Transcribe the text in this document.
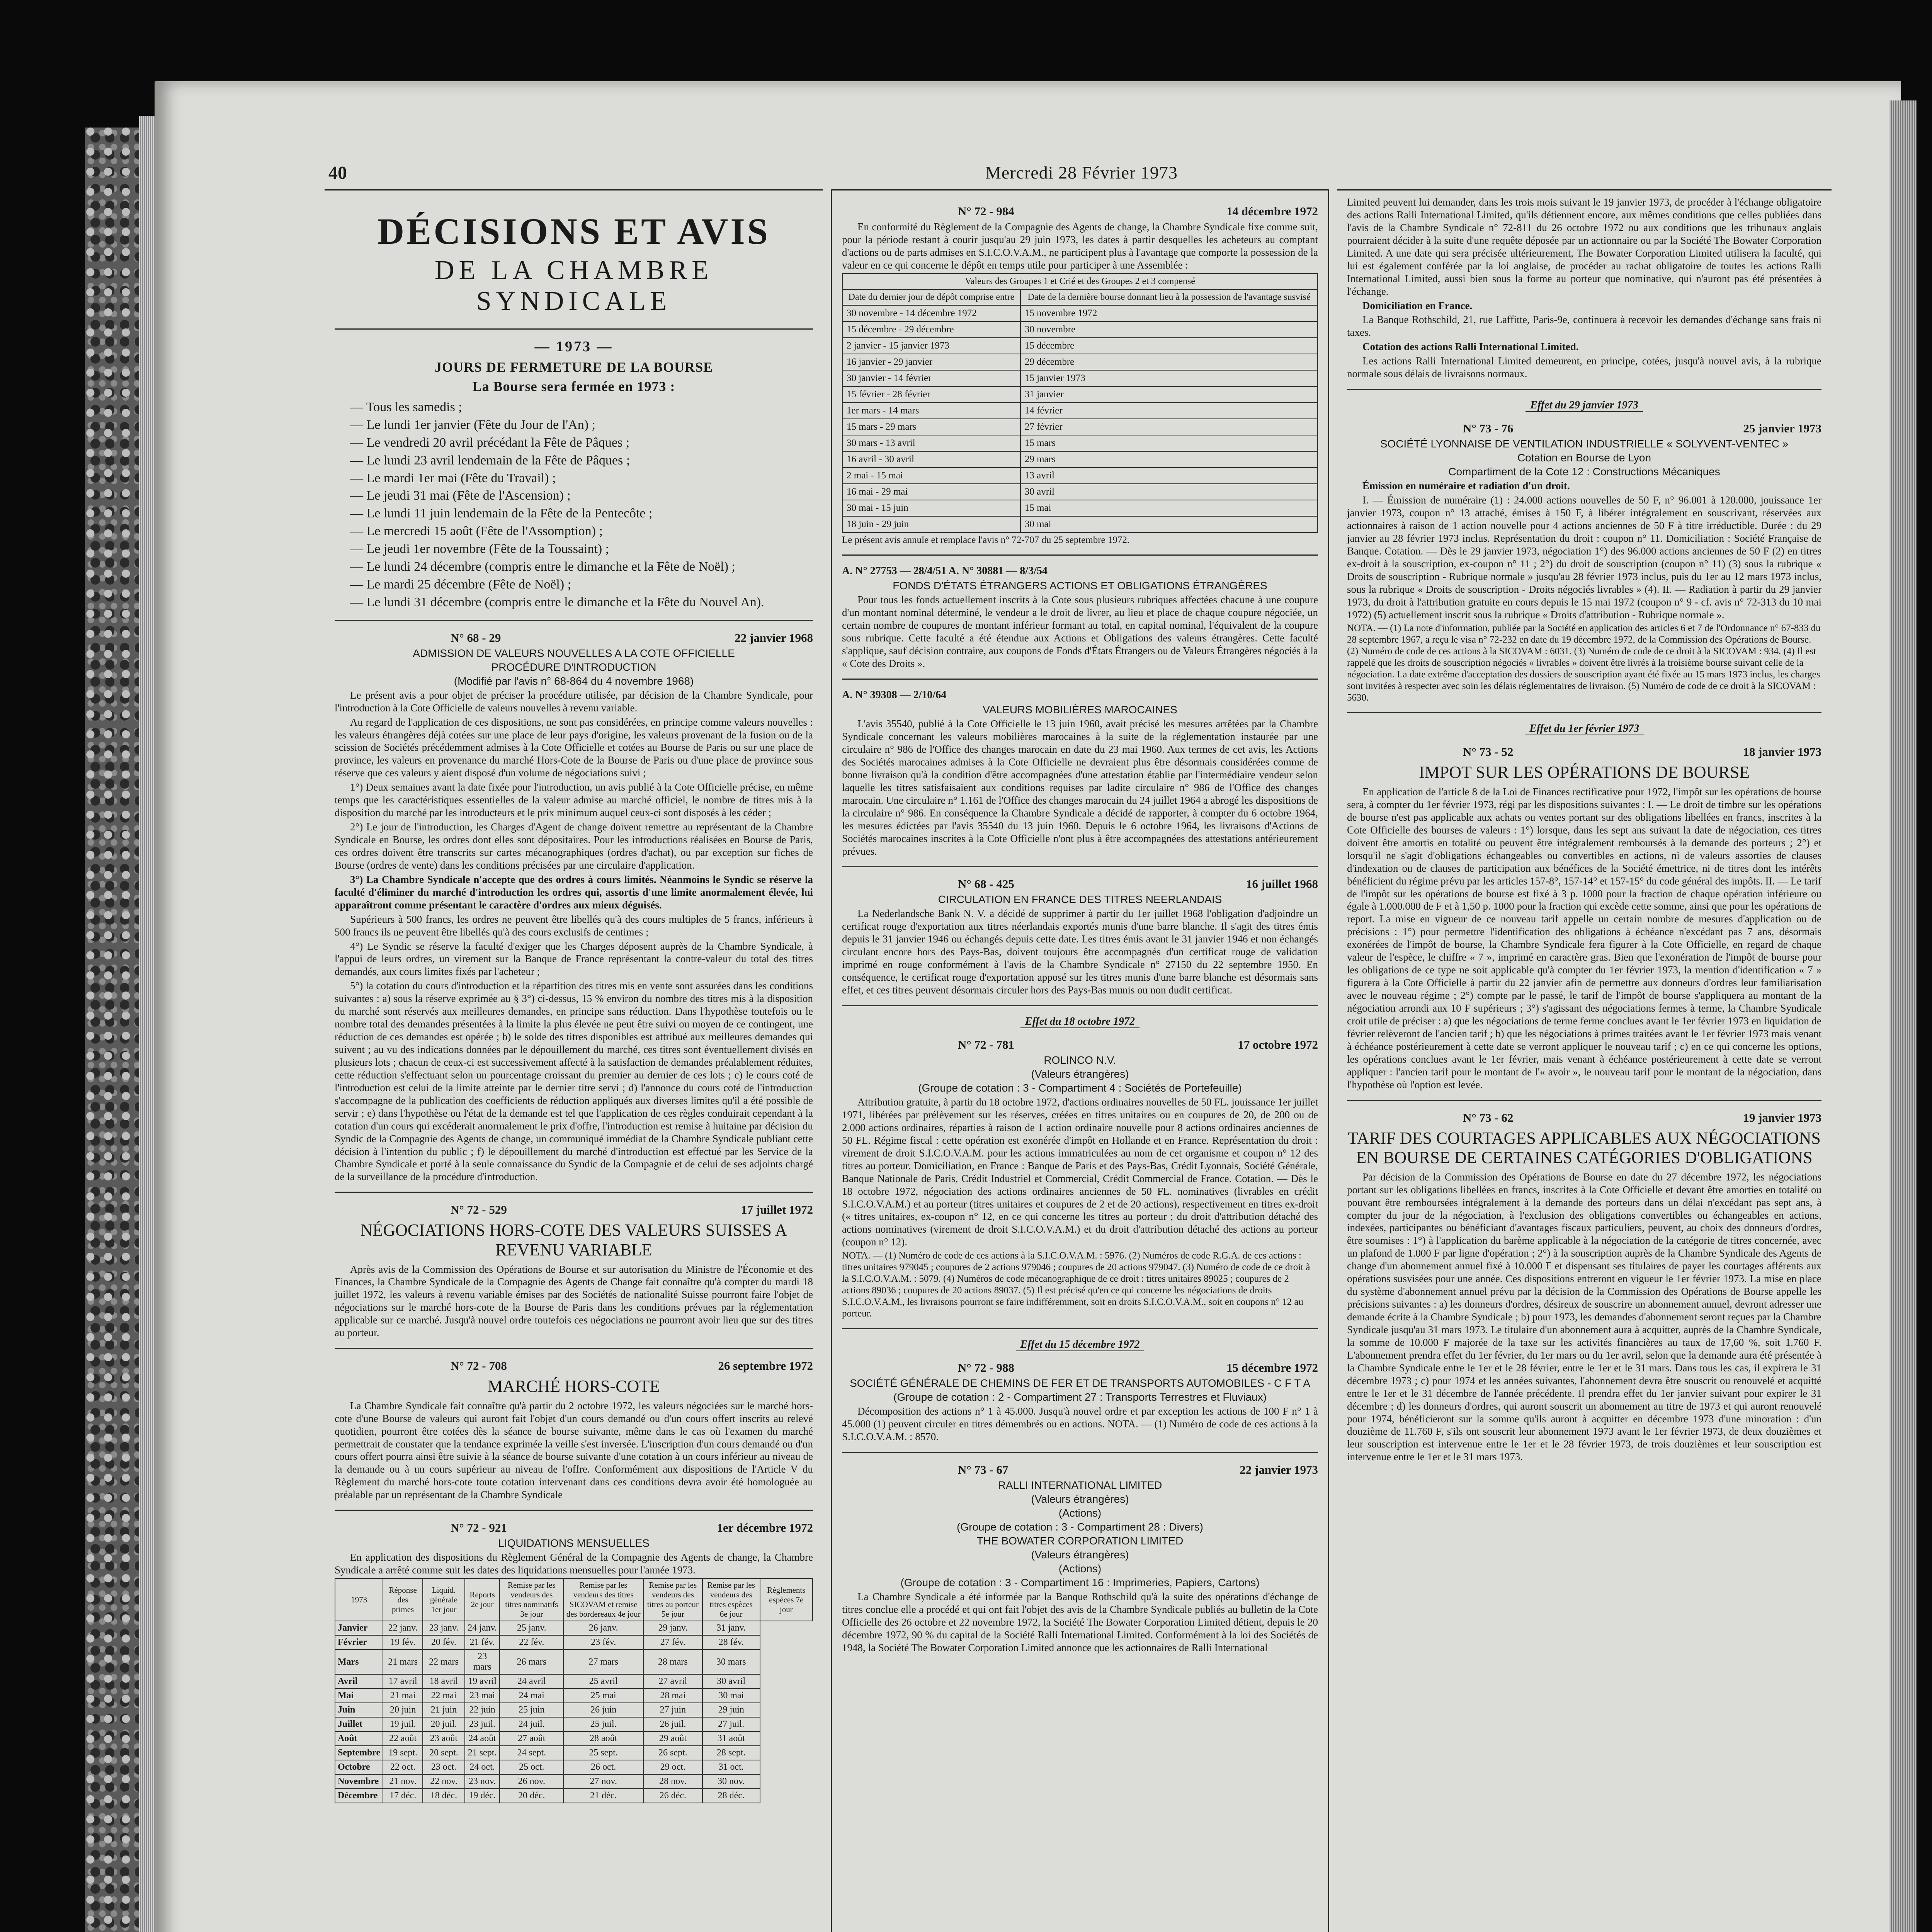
40	Mercredi 28 Février 1973
DÉCISIONS ET AVIS
DE LA CHAMBRE SYNDICALE
— 1973 —
JOURS DE FERMETURE DE LA BOURSE
La Bourse sera fermée en 1973 :
— Tous les samedis ;
— Le lundi 1er janvier (Fête du Jour de l'An) ;
— Le vendredi 20 avril précédant la Fête de Pâques ;
— Le lundi 23 avril lendemain de la Fête de Pâques ;
— Le mardi 1er mai (Fête du Travail) ;
— Le jeudi 31 mai (Fête de l'Ascension) ;
— Le lundi 11 juin lendemain de la Fête de la Pentecôte ;
— Le mercredi 15 août (Fête de l'Assomption) ;
— Le jeudi 1er novembre (Fête de la Toussaint) ;
— Le lundi 24 décembre (compris entre le dimanche et la Fête de Noël) ;
— Le mardi 25 décembre (Fête de Noël) ;
— Le lundi 31 décembre (compris entre le dimanche et la Fête du Nouvel An).
N° 68 - 29	22 janvier 1968
ADMISSION DE VALEURS NOUVELLES A LA COTE OFFICIELLE
PROCÉDURE D'INTRODUCTION
(Modifié par l'avis n° 68-864 du 4 novembre 1968)

Le présent avis a pour objet de préciser la procédure utilisée, par décision de la Chambre Syndicale, pour l'introduction à la Cote Officielle de valeurs nouvelles à revenu variable.

Au regard de l'application de ces dispositions, ne sont pas considérées, en principe comme valeurs nouvelles : les valeurs étrangères déjà cotées sur une place de leur pays d'origine, les valeurs provenant de la fusion ou de la scission de Sociétés précédemment admises à la Cote Officielle et cotées au Bourse de Paris ou sur une place de province, les valeurs en provenance du marché Hors-Cote de la Bourse de Paris ou d'une place de province sous réserve que ces valeurs y aient disposé d'un volume de négociations suivi ;

1°) Deux semaines avant la date fixée pour l'introduction, un avis publié à la Cote Officielle précise, en même temps que les caractéristiques essentielles de la valeur admise au marché officiel, le nombre de titres mis à la disposition du marché par les introducteurs et le prix minimum auquel ceux-ci sont disposés à les céder ;

2°) Le jour de l'introduction, les Charges d'Agent de change doivent remettre au représentant de la Chambre Syndicale en Bourse, les ordres dont elles sont dépositaires. Pour les introductions réalisées en Bourse de Paris, ces ordres doivent être transcrits sur cartes mécanographiques (ordres d'achat), ou par exception sur fiches de Bourse (ordres de vente) dans les conditions précisées par une circulaire d'application.

3°) La Chambre Syndicale n'accepte que des ordres à cours limités. Néanmoins le Syndic se réserve la faculté d'éliminer du marché d'introduction les ordres qui, assortis d'une limite anormalement élevée, lui apparaîtront comme présentant le caractère d'ordres aux mieux déguisés.

Supérieurs à 500 francs, les ordres ne peuvent être libellés qu'à des cours multiples de 5 francs, inférieurs à 500 francs ils ne peuvent être libellés qu'à des cours exclusifs de centimes ;

4°) Le Syndic se réserve la faculté d'exiger que les Charges déposent auprès de la Chambre Syndicale, à l'appui de leurs ordres, un virement sur la Banque de France représentant la contre-valeur du total des titres demandés, aux cours limites fixés par l'acheteur ;

5°) la cotation du cours d'introduction et la répartition des titres mis en vente sont assurées dans les conditions suivantes : a) sous la réserve exprimée au § 3°) ci-dessus, 15 % environ du nombre des titres mis à la disposition du marché sont réservés aux meilleures demandes, en principe sans réduction. Dans l'hypothèse toutefois ou le nombre total des demandes présentées à la limite la plus élevée ne peut être suivi ou moyen de ce contingent, une réduction de ces demandes est opérée ; b) le solde des titres disponibles est attribué aux meilleures demandes qui suivent ; au vu des indications données par le dépouillement du marché, ces titres sont éventuellement divisés en plusieurs lots ; chacun de ceux-ci est successivement affecté à la satisfaction de demandes préalablement réduites, cette réduction s'effectuant selon un pourcentage croissant du premier au dernier de ces lots ; c) le cours coté de l'introduction est celui de la limite atteinte par le dernier titre servi ; d) l'annonce du cours coté de l'introduction s'accompagne de la publication des coefficients de réduction appliqués aux diverses limites qu'il a été possible de servir ; e) dans l'hypothèse ou l'état de la demande est tel que l'application de ces règles conduirait cependant à la cotation d'un cours qui excéderait anormalement le prix d'offre, l'introduction est remise à huitaine par décision du Syndic de la Compagnie des Agents de change, un communiqué immédiat de la Chambre Syndicale publiant cette décision à l'intention du public ; f) le dépouillement du marché d'introduction est effectué par les Service de la Chambre Syndicale et porté à la seule connaissance du Syndic de la Compagnie et de celui de ses adjoints chargé de la surveillance de la procédure d'introduction.

N° 72 - 529	17 juillet 1972
NÉGOCIATIONS HORS-COTE DES VALEURS SUISSES A REVENU VARIABLE

Après avis de la Commission des Opérations de Bourse et sur autorisation du Ministre de l'Économie et des Finances, la Chambre Syndicale de la Compagnie des Agents de Change fait connaître qu'à compter du mardi 18 juillet 1972, les valeurs à revenu variable émises par des Sociétés de nationalité Suisse pourront faire l'objet de négociations sur le marché hors-cote de la Bourse de Paris dans les conditions prévues par la réglementation applicable sur ce marché. Jusqu'à nouvel ordre toutefois ces négociations ne pourront avoir lieu que sur des titres au porteur.

N° 72 - 708	26 septembre 1972
MARCHÉ HORS-COTE

La Chambre Syndicale fait connaître qu'à partir du 2 octobre 1972, les valeurs négociées sur le marché hors-cote d'une Bourse de valeurs qui auront fait l'objet d'un cours demandé ou d'un cours offert inscrits au relevé quotidien, pourront être cotées dès la séance de bourse suivante, même dans le cas où l'examen du marché permettrait de constater que la tendance exprimée la veille s'est inversée. L'inscription d'un cours demandé ou d'un cours offert pourra ainsi être suivie à la séance de bourse suivante d'une cotation à un cours inférieur au niveau de la demande ou à un cours supérieur au niveau de l'offre. Conformément aux dispositions de l'Article V du Règlement du marché hors-cote toute cotation intervenant dans ces conditions devra avoir été homologuée au préalable par un représentant de la Chambre Syndicale

N° 72 - 921	1er décembre 1972
LIQUIDATIONS MENSUELLES

En application des dispositions du Règlement Général de la Compagnie des Agents de change, la Chambre Syndicale a arrêté comme suit les dates des liquidations mensuelles pour l'année 1973.

1973	Réponse des primes	Liquid. générale 1er jour	Reports 2e jour	Remise par les vendeurs des titres nominatifs 3e jour	Remise par les vendeurs des titres SICOVAM et remise des bordereaux 4e jour	Remise par les vendeurs des titres au porteur 5e jour	Remise par les vendeurs des titres espèces 6e jour	Règlements espèces 7e jour
Janvier	22 janv.	23 janv.	24 janv.	25 janv.	26 janv.	29 janv.	31 janv.	
Février	19 fév.	20 fév.	21 fév.	22 fév.	23 fév.	27 fév.	28 fév.	
Mars	21 mars	22 mars	23 mars	26 mars	27 mars	28 mars	30 mars	
Avril	17 avril	18 avril	19 avril	24 avril	25 avril	27 avril	30 avril	
Mai	21 mai	22 mai	23 mai	24 mai	25 mai	28 mai	30 mai	
Juin	20 juin	21 juin	22 juin	25 juin	26 juin	27 juin	29 juin	
Juillet	19 juil.	20 juil.	23 juil.	24 juil.	25 juil.	26 juil.	27 juil.	
Août	22 août	23 août	24 août	27 août	28 août	29 août	31 août	
Septembre	19 sept.	20 sept.	21 sept.	24 sept.	25 sept.	26 sept.	28 sept.	
Octobre	22 oct.	23 oct.	24 oct.	25 oct.	26 oct.	29 oct.	31 oct.	
Novembre	21 nov.	22 nov.	23 nov.	26 nov.	27 nov.	28 nov.	30 nov.	
Décembre	17 déc.	18 déc.	19 déc.	20 déc.	21 déc.	26 déc.	28 déc.	
N° 72 - 984	14 décembre 1972

En conformité du Règlement de la Compagnie des Agents de change, la Chambre Syndicale fixe comme suit, pour la période restant à courir jusqu'au 29 juin 1973, les dates à partir desquelles les acheteurs au comptant d'actions ou de parts admises en S.I.C.O.V.A.M., ne participent plus à l'avantage que comporte la possession de la valeur en ce qui concerne le dépôt en temps utile pour participer à une Assemblée :

Valeurs des Groupes 1 et Crié et des Groupes 2 et 3 compensé	
Date du dernier jour de dépôt comprise entre	Date de la dernière bourse donnant lieu à la possession de l'avantage susvisé
30 novembre - 14 décembre 1972	15 novembre 1972
15 décembre - 29 décembre	30 novembre
2 janvier - 15 janvier 1973	15 décembre
16 janvier - 29 janvier	29 décembre
30 janvier - 14 février	15 janvier 1973
15 février - 28 février	31 janvier
1er mars - 14 mars	14 février
15 mars - 29 mars	27 février
30 mars - 13 avril	15 mars
16 avril - 30 avril	29 mars
2 mai - 15 mai	13 avril
16 mai - 29 mai	30 avril
30 mai - 15 juin	15 mai
18 juin - 29 juin	30 mai

Le présent avis annule et remplace l'avis n° 72-707 du 25 septembre 1972.

A. N° 27753 — 28/4/51 A. N° 30881 — 8/3/54
FONDS D'ÉTATS ÉTRANGERS ACTIONS ET OBLIGATIONS ÉTRANGÈRES

Pour tous les fonds actuellement inscrits à la Cote sous plusieurs rubriques affectées chacune à une coupure d'un montant nominal déterminé, le vendeur a le droit de livrer, au lieu et place de chaque coupure négociée, un certain nombre de coupures de montant inférieur formant au total, en capital nominal, l'équivalent de la coupure sous rubrique. Cette faculté a été étendue aux Actions et Obligations des valeurs étrangères. Cette faculté s'applique, sauf décision contraire, aux coupons de Fonds d'États Étrangers ou de Valeurs Étrangères négociés à la « Cote des Droits ».

A. N° 39308 — 2/10/64
VALEURS MOBILIÈRES MAROCAINES

L'avis 35540, publié à la Cote Officielle le 13 juin 1960, avait précisé les mesures arrêtées par la Chambre Syndicale concernant les valeurs mobilières marocaines à la suite de la réglementation instaurée par une circulaire n° 986 de l'Office des changes marocain en date du 23 mai 1960. Aux termes de cet avis, les Actions des Sociétés marocaines admises à la Cote Officielle ne devraient plus être désormais considérées comme de bonne livraison qu'à la condition d'être accompagnées d'une attestation établie par l'intermédiaire vendeur selon laquelle les titres satisfaisaient aux conditions requises par ladite circulaire n° 986 de l'Office des changes marocain. Une circulaire n° 1.161 de l'Office des changes marocain du 24 juillet 1964 a abrogé les dispositions de la circulaire n° 986. En conséquence la Chambre Syndicale a décidé de rapporter, à compter du 6 octobre 1964, les mesures édictées par l'avis 35540 du 13 juin 1960. Depuis le 6 octobre 1964, les livraisons d'Actions de Sociétés marocaines inscrites à la Cote Officielle n'ont plus à être accompagnées des attestations antérieurement prévues.

N° 68 - 425	16 juillet 1968
CIRCULATION EN FRANCE DES TITRES NEERLANDAIS

La Nederlandsche Bank N. V. a décidé de supprimer à partir du 1er juillet 1968 l'obligation d'adjoindre un certificat rouge d'exportation aux titres néerlandais exportés munis d'une barre blanche. Il s'agit des titres émis depuis le 31 janvier 1946 ou échangés depuis cette date. Les titres émis avant le 31 janvier 1946 et non échangés circulant encore hors des Pays-Bas, doivent toujours être accompagnés d'un certificat rouge de validation imprimé en rouge conformément à l'avis de la Chambre Syndicale n° 27150 du 22 septembre 1950. En conséquence, le certificat rouge d'exportation apposé sur les titres munis d'une barre blanche est désormais sans effet, et ces titres peuvent désormais circuler hors des Pays-Bas munis ou non dudit certificat.

Effet du 18 octobre 1972
N° 72 - 781	17 octobre 1972
ROLINCO N.V.
(Valeurs étrangères)
(Groupe de cotation : 3 - Compartiment 4 : Sociétés de Portefeuille)

Attribution gratuite, à partir du 18 octobre 1972, d'actions ordinaires nouvelles de 50 FL. jouissance 1er juillet 1971, libérées par prélèvement sur les réserves, créées en titres unitaires ou en coupures de 20, de 200 ou de 2.000 actions ordinaires, réparties à raison de 1 action ordinaire nouvelle pour 8 actions ordinaires anciennes de 50 FL. Régime fiscal : cette opération est exonérée d'impôt en Hollande et en France. Représentation du droit : virement de droit S.I.C.O.V.A.M. pour les actions immatriculées au nom de cet organisme et coupon n° 12 des titres au porteur. Domiciliation, en France : Banque de Paris et des Pays-Bas, Crédit Lyonnais, Société Générale, Banque Nationale de Paris, Crédit Industriel et Commercial, Crédit Commercial de France. Cotation. — Dès le 18 octobre 1972, négociation des actions ordinaires anciennes de 50 FL. nominatives (livrables en crédit S.I.C.O.V.A.M.) et au porteur (titres unitaires et coupures de 2 et de 20 actions), respectivement en titres ex-droit (« titres unitaires, ex-coupon n° 12, en ce qui concerne les titres au porteur ; du droit d'attribution détaché des actions nominatives (virement de droit S.I.C.O.V.A.M.) et du droit d'attribution détaché des actions au porteur (coupon n° 12).

NOTA. — (1) Numéro de code de ces actions à la S.I.C.O.V.A.M. : 5976. (2) Numéros de code R.G.A. de ces actions : titres unitaires 979045 ; coupures de 2 actions 979046 ; coupures de 20 actions 979047. (3) Numéro de code de ce droit à la S.I.C.O.V.A.M. : 5079. (4) Numéros de code mécanographique de ce droit : titres unitaires 89025 ; coupures de 2 actions 89036 ; coupures de 20 actions 89037. (5) Il est précisé qu'en ce qui concerne les négociations de droits S.I.C.O.V.A.M., les livraisons pourront se faire indifféremment, soit en droits S.I.C.O.V.A.M., soit en coupons n° 12 au porteur.

Effet du 15 décembre 1972
N° 72 - 988	15 décembre 1972
SOCIÉTÉ GÉNÉRALE DE CHEMINS DE FER ET DE TRANSPORTS AUTOMOBILES - C F T A
(Groupe de cotation : 2 - Compartiment 27 : Transports Terrestres et Fluviaux)

Décomposition des actions n° 1 à 45.000. Jusqu'à nouvel ordre et par exception les actions de 100 F n° 1 à 45.000 (1) peuvent circuler en titres démembrés ou en actions. NOTA. — (1) Numéro de code de ces actions à la S.I.C.O.V.A.M. : 8570.

N° 73 - 67	22 janvier 1973
RALLI INTERNATIONAL LIMITED
(Valeurs étrangères)
(Actions)
(Groupe de cotation : 3 - Compartiment 28 : Divers)
THE BOWATER CORPORATION LIMITED
(Valeurs étrangères)
(Actions)
(Groupe de cotation : 3 - Compartiment 16 : Imprimeries, Papiers, Cartons)

La Chambre Syndicale a été informée par la Banque Rothschild qu'à la suite des opérations d'échange de titres conclue elle a procédé et qui ont fait l'objet des avis de la Chambre Syndicale publiés au bulletin de la Cote Officielle des 26 octobre et 22 novembre 1972, la Société The Bowater Corporation Limited détient, depuis le 20 décembre 1972, 90 % du capital de la Société Ralli International Limited. Conformément à la loi des Sociétés de 1948, la Société The Bowater Corporation Limited annonce que les actionnaires de Ralli International

Limited peuvent lui demander, dans les trois mois suivant le 19 janvier 1973, de procéder à l'échange obligatoire des actions Ralli International Limited, qu'ils détiennent encore, aux mêmes conditions que celles publiées dans l'avis de la Chambre Syndicale n° 72-811 du 26 octobre 1972 ou aux conditions que les tribunaux anglais pourraient décider à la suite d'une requête déposée par un actionnaire ou par la Société The Bowater Corporation Limited. A une date qui sera précisée ultérieurement, The Bowater Corporation Limited utilisera la faculté, qui lui est également conférée par la loi anglaise, de procéder au rachat obligatoire de toutes les actions Ralli International Limited, aussi bien sous la forme au porteur que nominative, qui n'auront pas été présentées à l'échange.

Domiciliation en France.

La Banque Rothschild, 21, rue Laffitte, Paris-9e, continuera à recevoir les demandes d'échange sans frais ni taxes.

Cotation des actions Ralli International Limited.

Les actions Ralli International Limited demeurent, en principe, cotées, jusqu'à nouvel avis, à la rubrique normale sous délais de livraisons normaux.

Effet du 29 janvier 1973
N° 73 - 76	25 janvier 1973
SOCIÉTÉ LYONNAISE DE VENTILATION INDUSTRIELLE « SOLYVENT-VENTEC »
Cotation en Bourse de Lyon
Compartiment de la Cote 12 : Constructions Mécaniques

Émission en numéraire et radiation d'un droit.

I. — Émission de numéraire (1) : 24.000 actions nouvelles de 50 F, n° 96.001 à 120.000, jouissance 1er janvier 1973, coupon n° 13 attaché, émises à 150 F, à libérer intégralement en souscrivant, réservées aux actionnaires à raison de 1 action nouvelle pour 4 actions anciennes de 50 F à titre irréductible. Durée : du 29 janvier au 28 février 1973 inclus. Représentation du droit : coupon n° 11. Domiciliation : Société Française de Banque. Cotation. — Dès le 29 janvier 1973, négociation 1°) des 96.000 actions anciennes de 50 F (2) en titres ex-droit à la souscription, ex-coupon n° 11 ; 2°) du droit de souscription (coupon n° 11) (3) sous la rubrique « Droits de souscription - Rubrique normale » jusqu'au 28 février 1973 inclus, puis du 1er au 12 mars 1973 inclus, sous la rubrique « Droits de souscription - Droits négociés livrables » (4). II. — Radiation à partir du 29 janvier 1973, du droit à l'attribution gratuite en cours depuis le 15 mai 1972 (coupon n° 9 - cf. avis n° 72-313 du 10 mai 1972) (5) actuellement inscrit sous la rubrique « Droits d'attribution - Rubrique normale ».

NOTA. — (1) La note d'information, publiée par la Société en application des articles 6 et 7 de l'Ordonnance n° 67-833 du 28 septembre 1967, a reçu le visa n° 72-232 en date du 19 décembre 1972, de la Commission des Opérations de Bourse. (2) Numéro de code de ces actions à la SICOVAM : 6031. (3) Numéro de code de ce droit à la SICOVAM : 934. (4) Il est rappelé que les droits de souscription négociés « livrables » doivent être livrés à la troisième bourse suivant celle de la négociation. La date extrême d'acceptation des dossiers de souscription ayant été fixée au 15 mars 1973 inclus, les charges sont invitées à respecter avec soin les délais réglementaires de livraison. (5) Numéro de code de ce droit à la SICOVAM : 5630.

Effet du 1er février 1973
N° 73 - 52	18 janvier 1973
IMPOT SUR LES OPÉRATIONS DE BOURSE

En application de l'article 8 de la Loi de Finances rectificative pour 1972, l'impôt sur les opérations de bourse sera, à compter du 1er février 1973, régi par les dispositions suivantes : I. — Le droit de timbre sur les opérations de bourse n'est pas applicable aux achats ou ventes portant sur des obligations libellées en francs, inscrites à la Cote Officielle des bourses de valeurs : 1°) lorsque, dans les sept ans suivant la date de négociation, ces titres doivent être amortis en totalité ou peuvent être intégralement remboursés à la demande des porteurs ; 2°) et lorsqu'il ne s'agit d'obligations échangeables ou convertibles en actions, ni de valeurs assorties de clauses d'indexation ou de clauses de participation aux bénéfices de la Société émettrice, ni de titres dont les intérêts bénéficient du régime prévu par les articles 157-8°, 157-14° et 157-15° du code général des impôts. II. — Le tarif de l'impôt sur les opérations de bourse est fixé à 3 p. 1000 pour la fraction de chaque opération inférieure ou égale à 1.000.000 de F et à 1,50 p. 1000 pour la fraction qui excède cette somme, ainsi que pour les opérations de report. La mise en vigueur de ce nouveau tarif appelle un certain nombre de mesures d'application ou de précisions : 1°) pour permettre l'identification des obligations à échéance n'excédant pas 7 ans, désormais exonérées de l'impôt de bourse, la Chambre Syndicale fera figurer à la Cote Officielle, en regard de chaque valeur de l'espèce, le chiffre « 7 », imprimé en caractère gras. Bien que l'exonération de l'impôt de bourse pour les obligations de ce type ne soit applicable qu'à compter du 1er février 1973, la mention d'identification « 7 » figurera à la Cote Officielle à partir du 22 janvier afin de permettre aux donneurs d'ordres leur familiarisation avec le nouveau régime ; 2°) compte par le passé, le tarif de l'impôt de bourse s'appliquera au montant de la négociation arrondi aux 10 F supérieurs ; 3°) s'agissant des négociations fermes à terme, la Chambre Syndicale croit utile de préciser : a) que les négociations de terme ferme conclues avant le 1er février 1973 en liquidation de février relèveront de l'ancien tarif ; b) que les négociations à primes traitées avant le 1er février 1973 mais venant à échéance postérieurement à cette date se verront appliquer le nouveau tarif ; c) en ce qui concerne les options, les opérations conclues avant le 1er février, mais venant à échéance postérieurement à cette date se verront appliquer : l'ancien tarif pour le montant de l'« avoir », le nouveau tarif pour le montant de la négociation, dans l'hypothèse où l'option est levée.

N° 73 - 62	19 janvier 1973
TARIF DES COURTAGES APPLICABLES AUX NÉGOCIATIONS EN BOURSE DE CERTAINES CATÉGORIES D'OBLIGATIONS

Par décision de la Commission des Opérations de Bourse en date du 27 décembre 1972, les négociations portant sur les obligations libellées en francs, inscrites à la Cote Officielle et devant être amorties en totalité ou pouvant être remboursées intégralement à la demande des porteurs dans un délai n'excédant pas sept ans, à compter du jour de la négociation, à l'exclusion des obligations convertibles ou échangeables en actions, indexées, participantes ou bénéficiant d'avantages fiscaux particuliers, peuvent, au choix des donneurs d'ordres, être soumises : 1°) à l'application du barème applicable à la négociation de la catégorie de titres concernée, avec un plafond de 1.000 F par ligne d'opération ; 2°) à la souscription auprès de la Chambre Syndicale des Agents de change d'un abonnement annuel fixé à 10.000 F et dispensant ses titulaires de payer les courtages afférents aux opérations susvisées pour une année. Ces dispositions entreront en vigueur le 1er février 1973. La mise en place du système d'abonnement annuel prévu par la décision de la Commission des Opérations de Bourse appelle les précisions suivantes : a) les donneurs d'ordres, désireux de souscrire un abonnement annuel, devront adresser une demande écrite à la Chambre Syndicale ; b) pour 1973, les demandes d'abonnement seront reçues par la Chambre Syndicale jusqu'au 31 mars 1973. Le titulaire d'un abonnement aura à acquitter, auprès de la Chambre Syndicale, la somme de 10.000 F majorée de la taxe sur les activités financières au taux de 17,60 %, soit 1.760 F. L'abonnement prendra effet du 1er février, du 1er mars ou du 1er avril, selon que la demande aura été présentée à la Chambre Syndicale entre le 1er et le 28 février, entre le 1er et le 31 mars. Dans tous les cas, il expirera le 31 décembre 1973 ; c) pour 1974 et les années suivantes, l'abonnement devra être souscrit ou renouvelé et acquitté entre le 1er et le 31 décembre de l'année précédente. Il prendra effet du 1er janvier suivant pour expirer le 31 décembre ; d) les donneurs d'ordres, qui auront souscrit un abonnement au titre de 1973 et qui auront renouvelé pour 1974, bénéficieront sur la somme qu'ils auront à acquitter en décembre 1973 d'une minoration : d'un douzième de 11.760 F, s'ils ont souscrit leur abonnement 1973 avant le 1er février 1973, de deux douzièmes et leur souscription est intervenue entre le 1er et le 28 février 1973, de trois douzièmes et leur souscription est intervenue entre le 1er et le 31 mars 1973.
